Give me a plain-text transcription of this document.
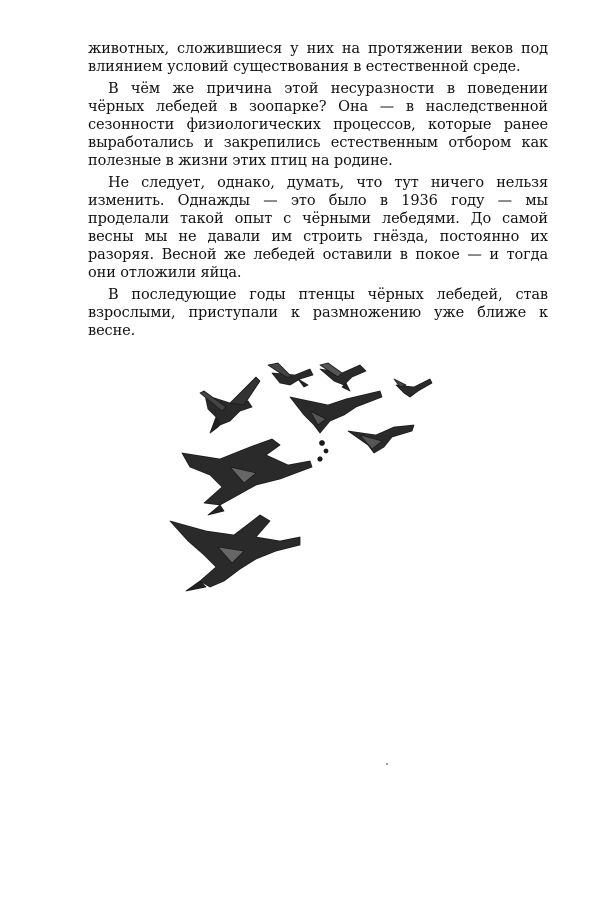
животных, сложившиеся у них на протяжении веков под влиянием условий существования в естественной среде.

В чём же причина этой несуразности в поведении чёрных лебедей в зоопарке? Она — в наследственной сезонности физиологических процессов, которые ранее выработались и закрепились естественным отбором как полезные в жизни этих птиц на родине.

Не следует, однако, думать, что тут ничего нельзя изменить. Однажды — это было в 1936 году — мы проделали такой опыт с чёрными лебедями. До самой весны мы не давали им строить гнёзда, постоянно их разоряя. Весной же лебедей оставили в покое — и тогда они отложили яйца.

В последующие годы птенцы чёрных лебедей, став взрослыми, приступали к размножению уже ближе к весне.
